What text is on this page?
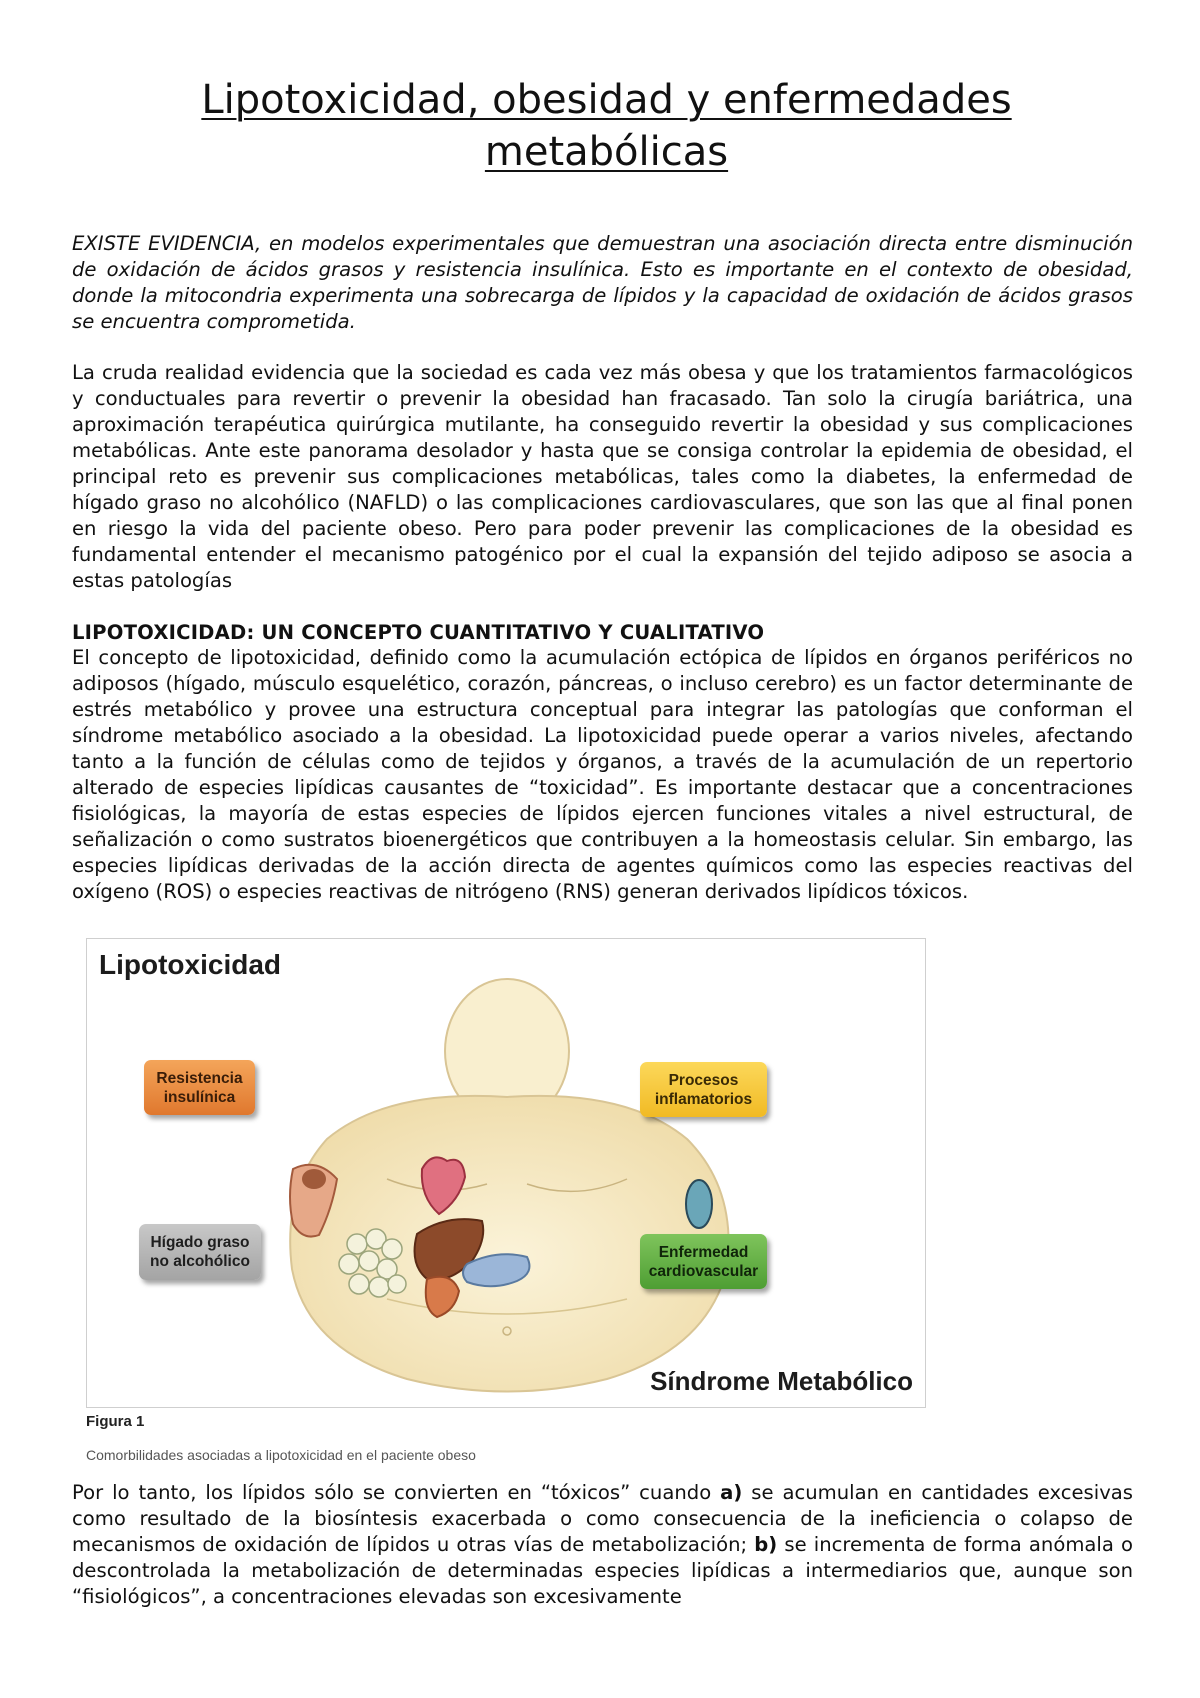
Lipotoxicidad, obesidad y enfermedades metabólicas

EXISTE EVIDENCIA, en modelos experimentales que demuestran una asociación directa entre disminución de oxidación de ácidos grasos y resistencia insulínica. Esto es importante en el contexto de obesidad, donde la mitocondria experimenta una sobrecarga de lípidos y la capacidad de oxidación de ácidos grasos se encuentra comprometida.

La cruda realidad evidencia que la sociedad es cada vez más obesa y que los tratamientos farmacológicos y conductuales para revertir o prevenir la obesidad han fracasado. Tan solo la cirugía bariátrica, una aproximación terapéutica quirúrgica mutilante, ha conseguido revertir la obesidad y sus complicaciones metabólicas. Ante este panorama desolador y hasta que se consiga controlar la epidemia de obesidad, el principal reto es prevenir sus complicaciones metabólicas, tales como la diabetes, la enfermedad de hígado graso no alcohólico (NAFLD) o las complicaciones cardiovasculares, que son las que al final ponen en riesgo la vida del paciente obeso. Pero para poder prevenir las complicaciones de la obesidad es fundamental entender el mecanismo patogénico por el cual la expansión del tejido adiposo se asocia a estas patologías

LIPOTOXICIDAD: UN CONCEPTO CUANTITATIVO Y CUALITATIVO

El concepto de lipotoxicidad, definido como la acumulación ectópica de lípidos en órganos periféricos no adiposos (hígado, músculo esquelético, corazón, páncreas, o incluso cerebro) es un factor determinante de estrés metabólico y provee una estructura conceptual para integrar las patologías que conforman el síndrome metabólico asociado a la obesidad. La lipotoxicidad puede operar a varios niveles, afectando tanto a la función de células como de tejidos y órganos, a través de la acumulación de un repertorio alterado de especies lipídicas causantes de “toxicidad”. Es importante destacar que a concentraciones fisiológicas, la mayoría de estas especies de lípidos ejercen funciones vitales a nivel estructural, de señalización o como sustratos bioenergéticos que contribuyen a la homeostasis celular. Sin embargo, las especies lipídicas derivadas de la acción directa de agentes químicos como las especies reactivas del oxígeno (ROS) o especies reactivas de nitrógeno (RNS) generan derivados lipídicos tóxicos.

Lipotoxicidad

Resistencia insulínica
Procesos inflamatorios
Hígado graso no alcohólico
Enfermedad cardiovascular

Síndrome Metabólico

Figura 1

Comorbilidades asociadas a lipotoxicidad en el paciente obeso

Por lo tanto, los lípidos sólo se convierten en “tóxicos” cuando a) se acumulan en cantidades excesivas como resultado de la biosíntesis exacerbada o como consecuencia de la ineficiencia o colapso de mecanismos de oxidación de lípidos u otras vías de metabolización; b) se incrementa de forma anómala o descontrolada la metabolización de determinadas especies lipídicas a intermediarios que, aunque son “fisiológicos”, a concentraciones elevadas son excesivamente
